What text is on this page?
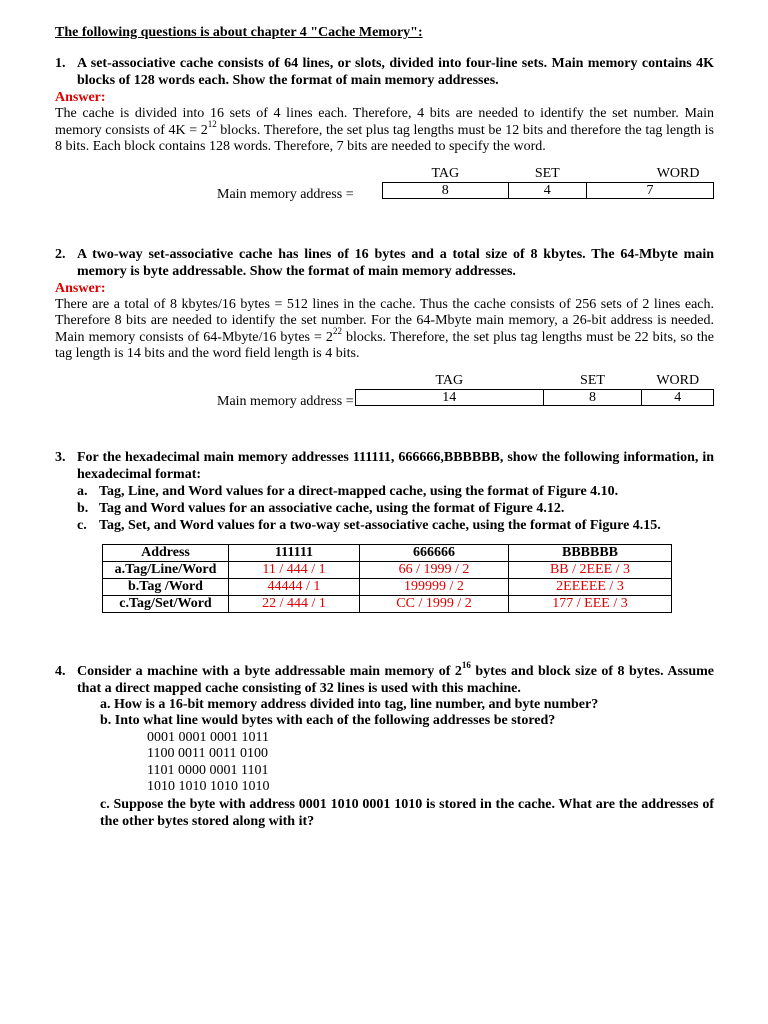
The following questions is about chapter 4 "Cache Memory":
1. A set-associative cache consists of 64 lines, or slots, divided into four-line sets. Main memory contains 4K blocks of 128 words each. Show the format of main memory addresses.
Answer:
The cache is divided into 16 sets of 4 lines each. Therefore, 4 bits are needed to identify the set number. Main memory consists of $4K = 2^{12}$ blocks. Therefore, the set plus tag lengths must be 12 bits and therefore the tag length is 8 bits. Each block contains 128 words. Therefore, 7 bits are needed to specify the word.
Main memory address =
TAG	SET	WORD
8	4	7
2. A two-way set-associative cache has lines of 16 bytes and a total size of 8 kbytes. The 64-Mbyte main memory is byte addressable. Show the format of main memory addresses.
Answer:
There are a total of 8 kbytes/16 bytes = 512 lines in the cache. Thus the cache consists of 256 sets of 2 lines each. Therefore 8 bits are needed to identify the set number. For the 64-Mbyte main memory, a 26-bit address is needed. Main memory consists of 64-Mbyte/16 bytes = $2^{22}$ blocks. Therefore, the set plus tag lengths must be 22 bits, so the tag length is 14 bits and the word field length is 4 bits.
Main memory address =
TAG	SET	WORD
14	8	4
3. For the hexadecimal main memory addresses 111111, 666666,BBBBBB, show the following information, in hexadecimal format:
a. Tag, Line, and Word values for a direct-mapped cache, using the format of Figure 4.10.
b. Tag and Word values for an associative cache, using the format of Figure 4.12.
c. Tag, Set, and Word values for a two-way set-associative cache, using the format of Figure 4.15.
Address	111111	666666	BBBBBB
a.Tag/Line/Word	11 / 444 / 1	66 / 1999 / 2	BB / 2EEE / 3
b.Tag /Word	44444 / 1	199999 / 2	2EEEEE / 3
c.Tag/Set/Word	22 / 444 / 1	CC / 1999 / 2	177 / EEE / 3
4. Consider a machine with a byte addressable main memory of $2^{16}$ bytes and block size of 8 bytes. Assume that a direct mapped cache consisting of 32 lines is used with this machine.
a. How is a 16-bit memory address divided into tag, line number, and byte number?
b. Into what line would bytes with each of the following addresses be stored?
0001 0001 0001 1011
1100 0011 0011 0100
1101 0000 0001 1101
1010 1010 1010 1010
c. Suppose the byte with address 0001 1010 0001 1010 is stored in the cache. What are the addresses of the other bytes stored along with it?
